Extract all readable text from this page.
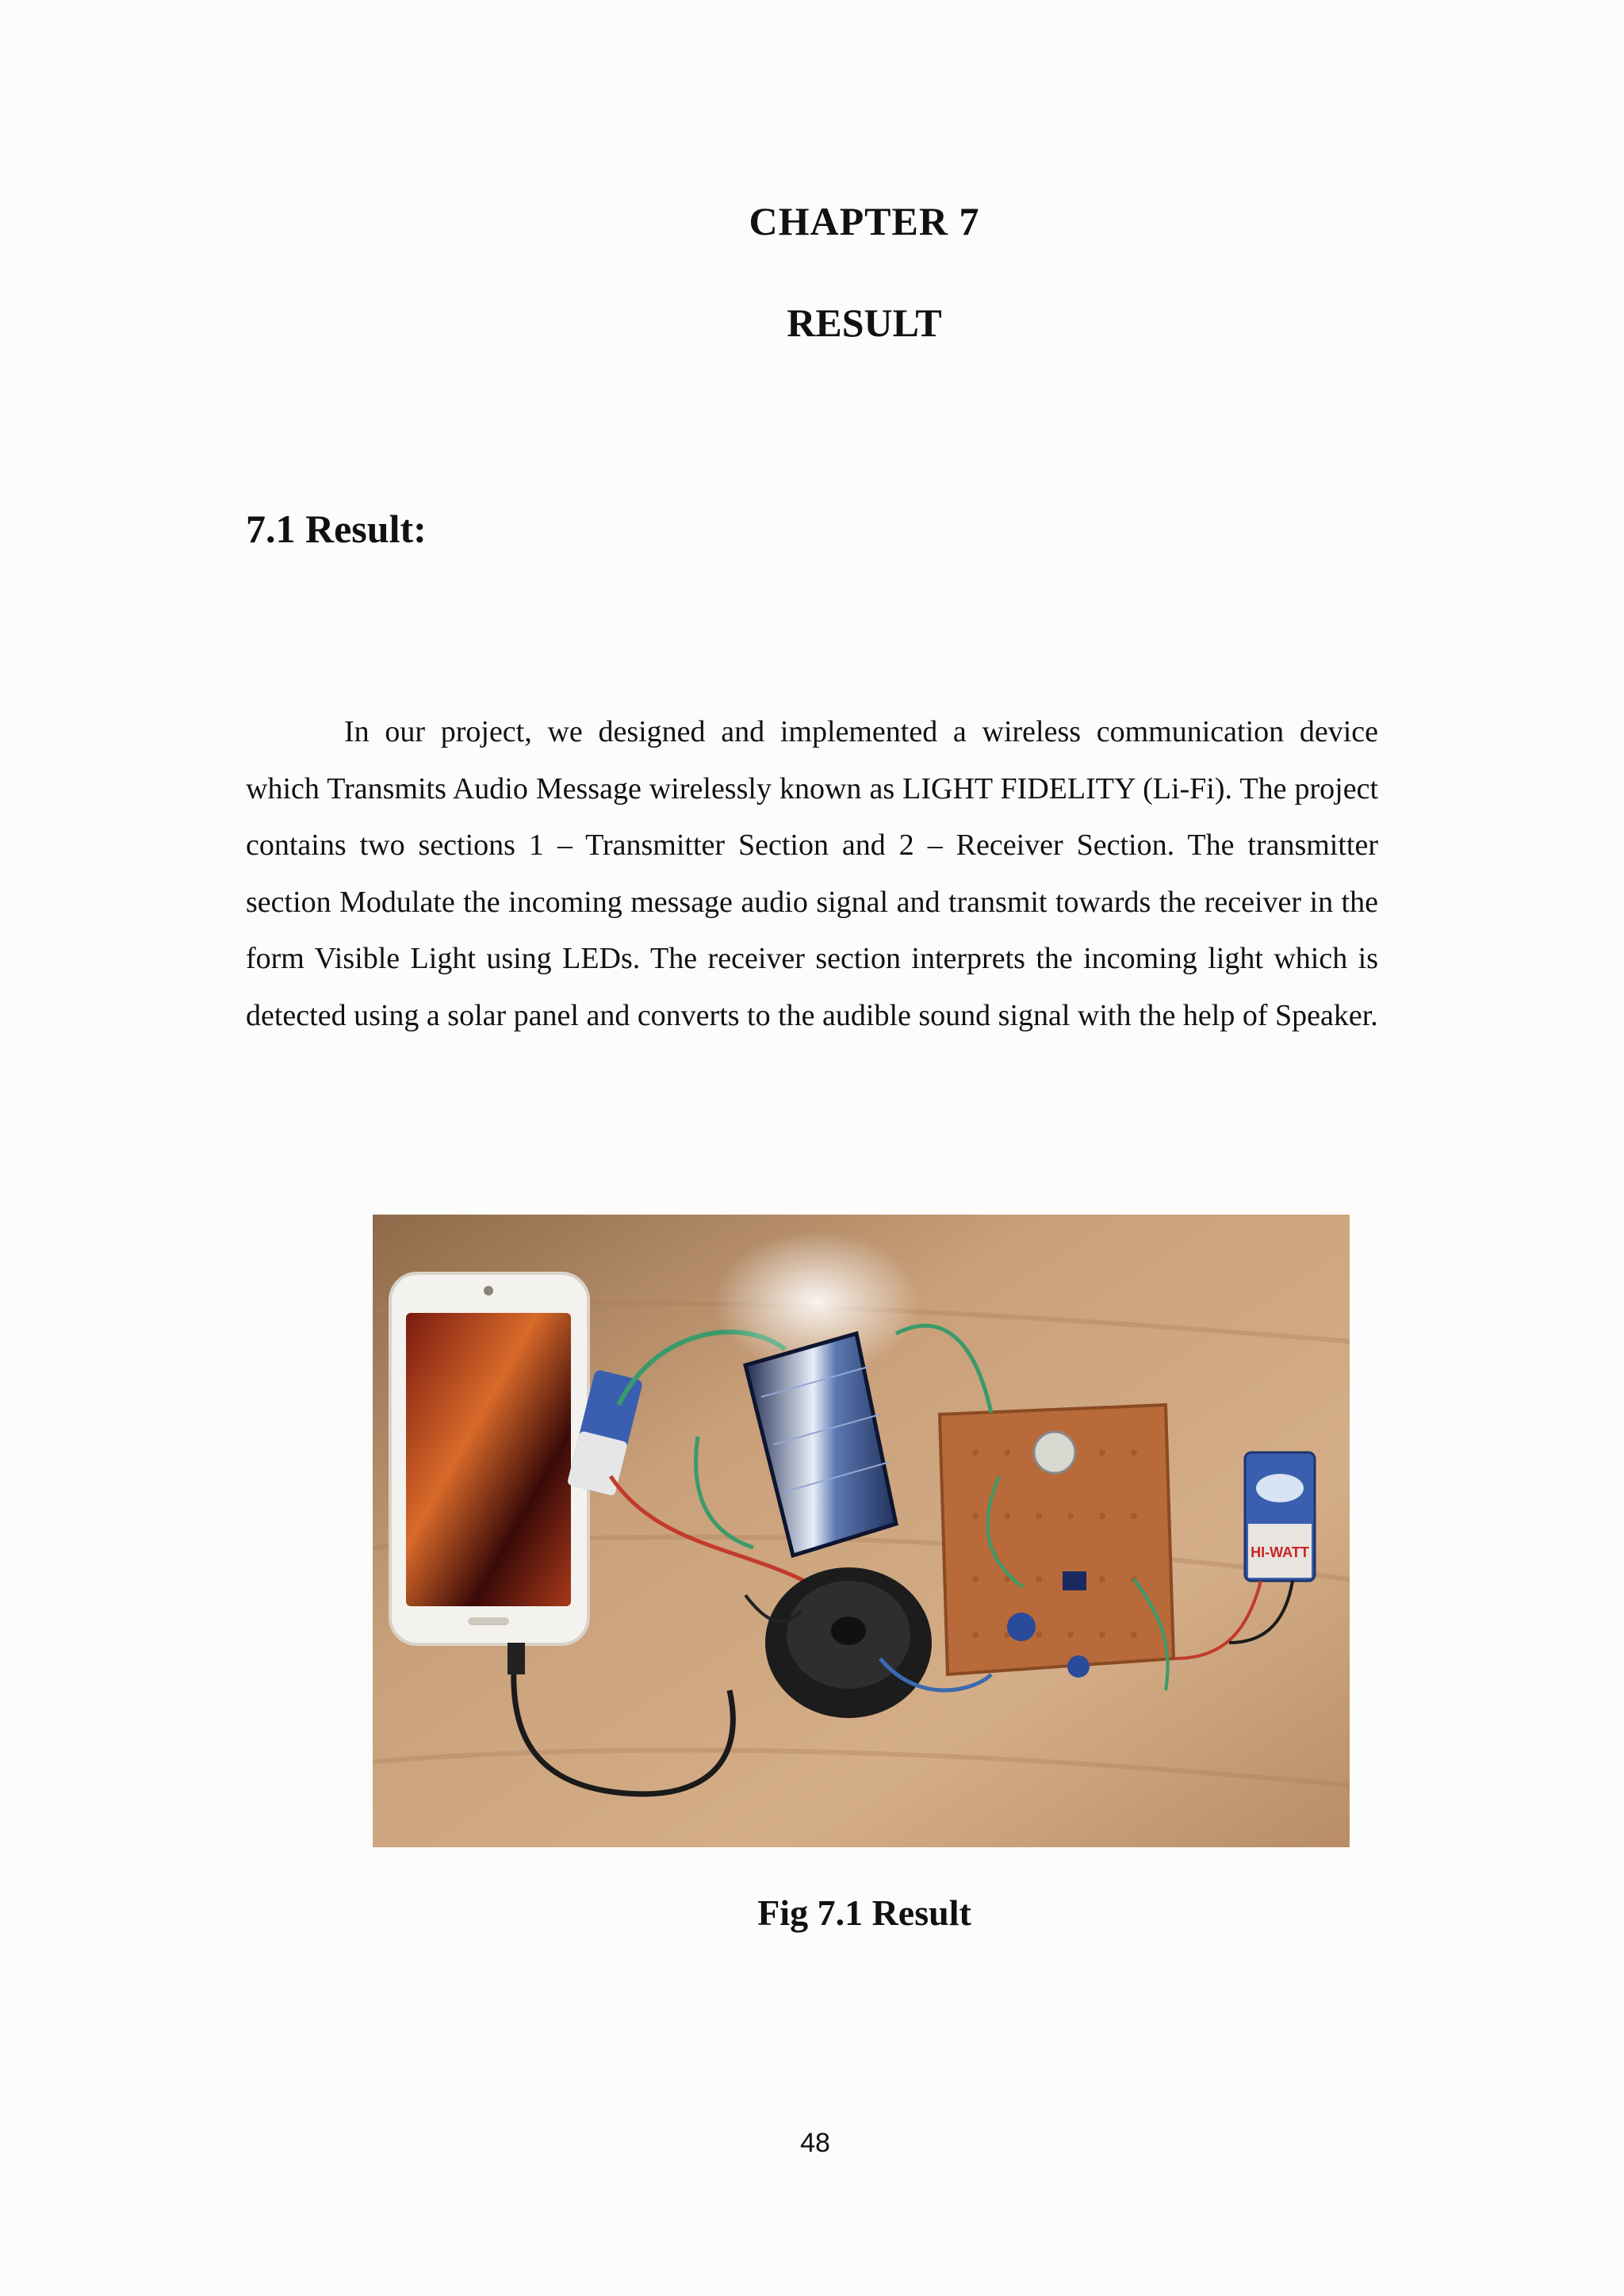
CHAPTER 7
RESULT
7.1 Result:

In our project, we designed and implemented a wireless communication device which Transmits Audio Message wirelessly known as LIGHT FIDELITY (Li-Fi). The project contains two sections 1 – Transmitter Section and 2 – Receiver Section. The transmitter section Modulate the incoming message audio signal and transmit towards the receiver in the form Visible Light using LEDs. The receiver section interprets the incoming light which is detected using a solar panel and converts to the audible sound signal with the help of Speaker.

HI-WATT
Fig 7.1 Result
48
